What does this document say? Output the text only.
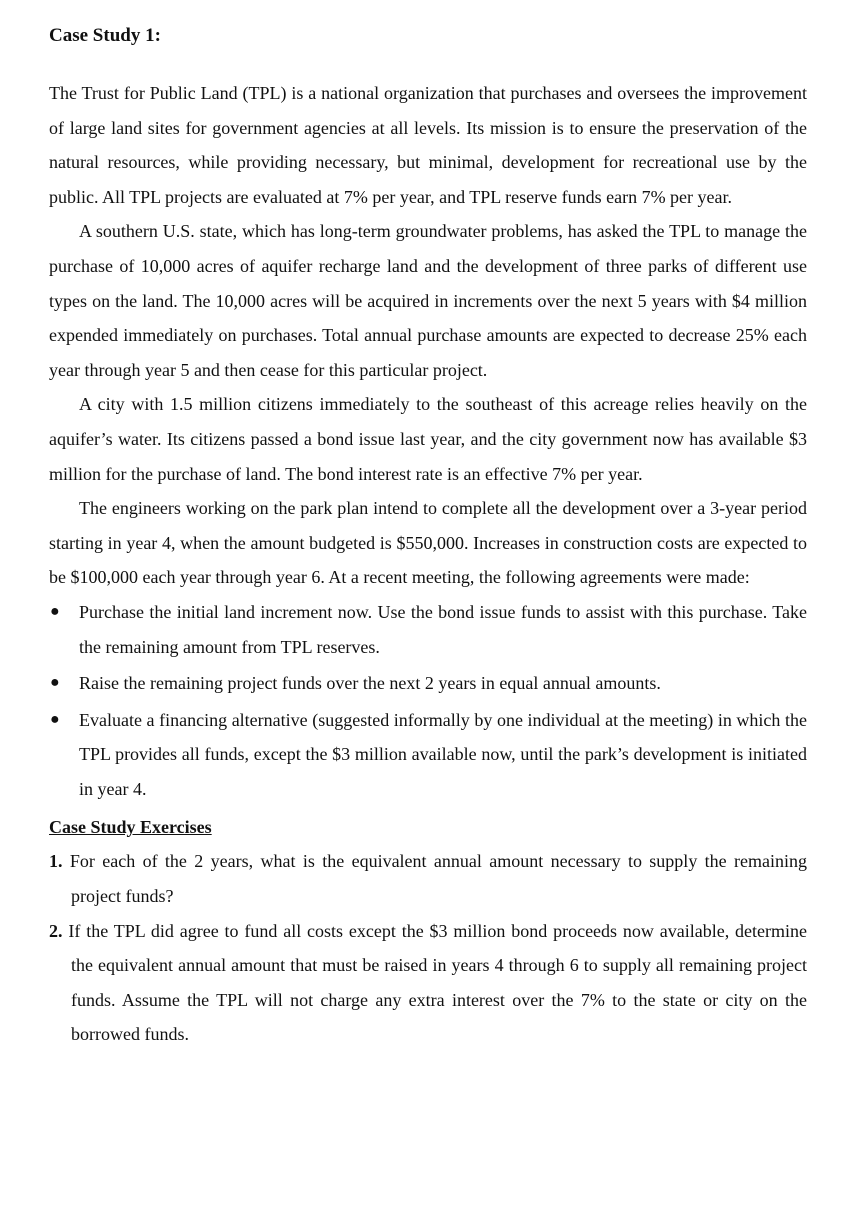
Case Study 1:

The Trust for Public Land (TPL) is a national organization that purchases and oversees the improvement of large land sites for government agencies at all levels. Its mission is to ensure the preservation of the natural resources, while providing necessary, but minimal, development for recreational use by the public. All TPL projects are evaluated at 7% per year, and TPL reserve funds earn 7% per year.

A southern U.S. state, which has long-term groundwater problems, has asked the TPL to manage the purchase of 10,000 acres of aquifer recharge land and the development of three parks of different use types on the land. The 10,000 acres will be acquired in increments over the next 5 years with $4 million expended immediately on purchases. Total annual purchase amounts are expected to decrease 25% each year through year 5 and then cease for this particular project.

A city with 1.5 million citizens immediately to the southeast of this acreage relies heavily on the aquifer’s water. Its citizens passed a bond issue last year, and the city government now has available $3 million for the purchase of land. The bond interest rate is an effective 7% per year.

The engineers working on the park plan intend to complete all the development over a 3-year period starting in year 4, when the amount budgeted is $550,000. Increases in construction costs are expected to be $100,000 each year through year 6. At a recent meeting, the following agreements were made:

● Purchase the initial land increment now. Use the bond issue funds to assist with this purchase. Take the remaining amount from TPL reserves.
● Raise the remaining project funds over the next 2 years in equal annual amounts.
● Evaluate a financing alternative (suggested informally by one individual at the meeting) in which the TPL provides all funds, except the $3 million available now, until the park’s development is initiated in year 4.
Case Study Exercises
1. For each of the 2 years, what is the equivalent annual amount necessary to supply the remaining project funds?
2. If the TPL did agree to fund all costs except the $3 million bond proceeds now available, determine the equivalent annual amount that must be raised in years 4 through 6 to supply all remaining project funds. Assume the TPL will not charge any extra interest over the 7% to the state or city on the borrowed funds.
